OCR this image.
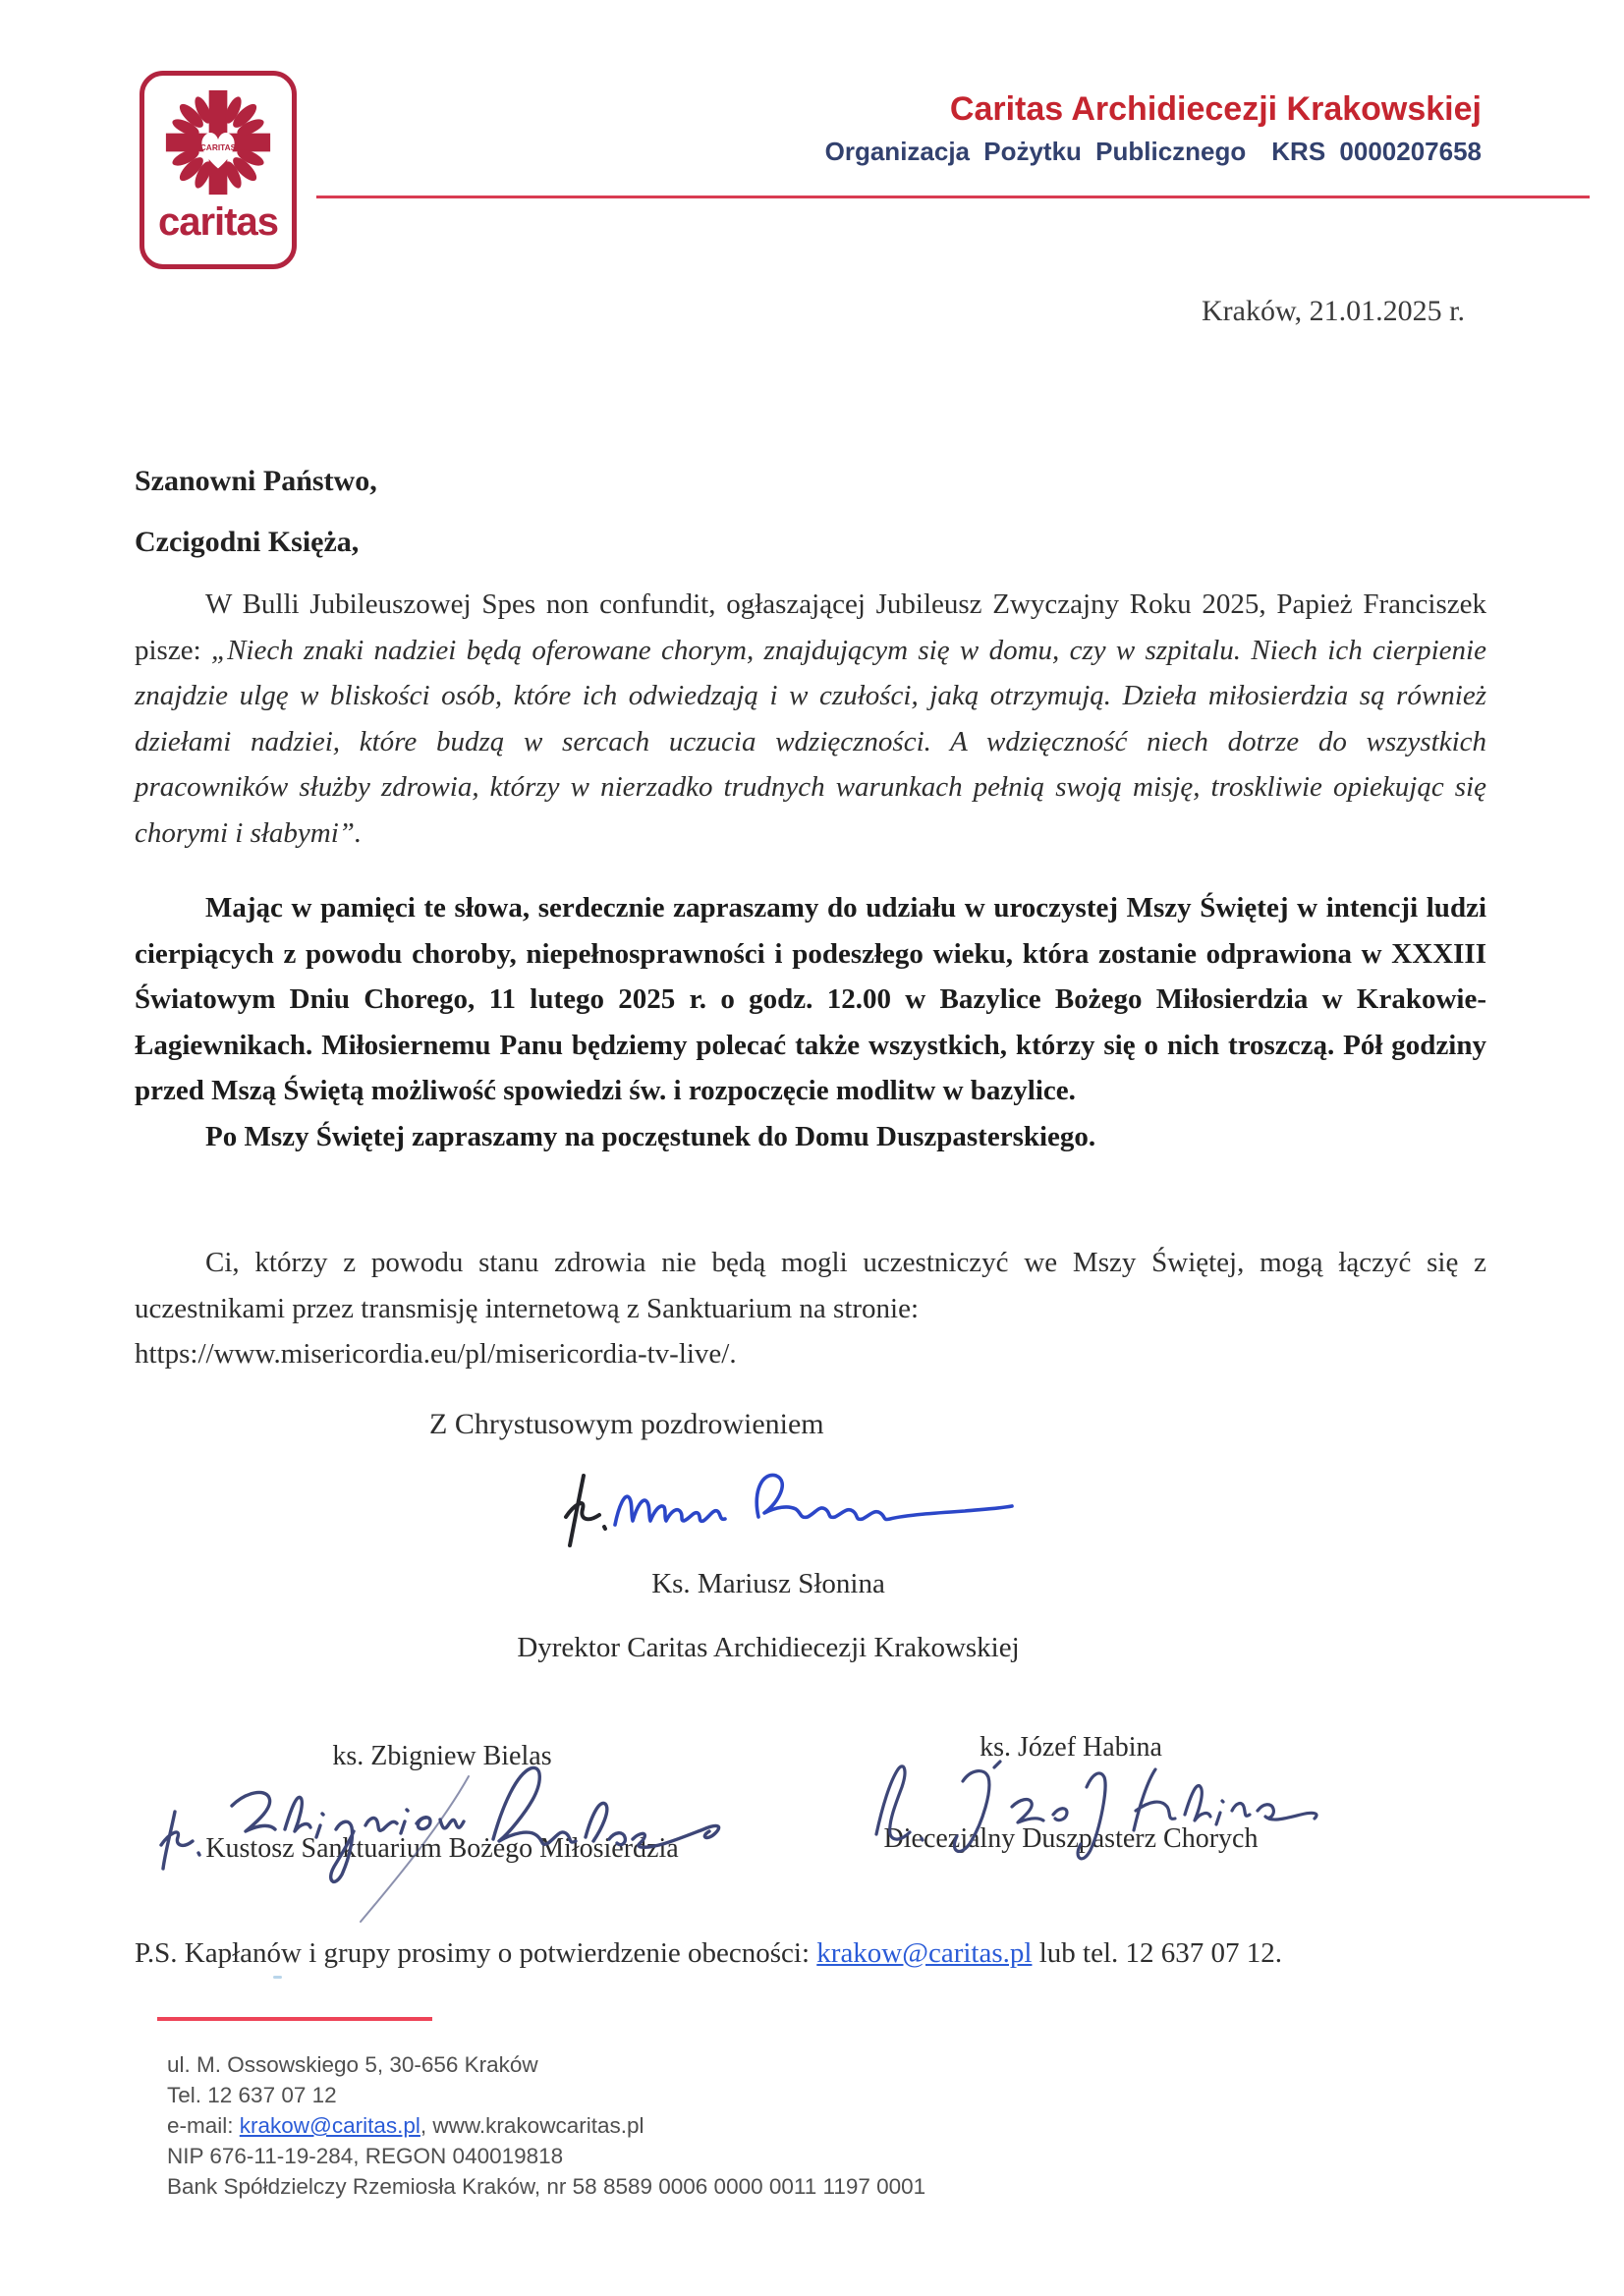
CARITAS
caritas
Caritas Archidiecezji Krakowskiej
Organizacja Pożytku Publicznego KRS 0000207658
Kraków, 21.01.2025 r.
Szanowni Państwo,
Czcigodni Księża,

W Bulli Jubileuszowej Spes non confundit, ogłaszającej Jubileusz Zwyczajny Roku 2025, Papież Franciszek pisze: „Niech znaki nadziei będą oferowane chorym, znajdującym się w domu, czy w szpitalu. Niech ich cierpienie znajdzie ulgę w bliskości osób, które ich odwiedzają i w czułości, jaką otrzymują. Dzieła miłosierdzia są również dziełami nadziei, które budzą w sercach uczucia wdzięczności. A wdzięczność niech dotrze do wszystkich pracowników służby zdrowia, którzy w nierzadko trudnych warunkach pełnią swoją misję, troskliwie opiekując się chorymi i słabymi”.

Mając w pamięci te słowa, serdecznie zapraszamy do udziału w uroczystej Mszy Świętej w intencji ludzi cierpiących z powodu choroby, niepełnosprawności i podeszłego wieku, która zostanie odprawiona w XXXIII Światowym Dniu Chorego, 11 lutego 2025 r. o godz. 12.00 w Bazylice Bożego Miłosierdzia w Krakowie-Łagiewnikach. Miłosiernemu Panu będziemy polecać także wszystkich, którzy się o nich troszczą. Pół godziny przed Mszą Świętą możliwość spowiedzi św. i rozpoczęcie modlitw w bazylice.

Po Mszy Świętej zapraszamy na poczęstunek do Domu Duszpasterskiego.

Ci, którzy z powodu stanu zdrowia nie będą mogli uczestniczyć we Mszy Świętej, mogą łączyć się z uczestnikami przez transmisję internetową z Sanktuarium na stronie:

https://www.misericordia.eu/pl/misericordia-tv-live/.

Z Chrystusowym pozdrowieniem
Ks. Mariusz Słonina
Dyrektor Caritas Archidiecezji Krakowskiej
ks. Zbigniew Bielas	ks. Józef Habina
Kustosz Sanktuarium Bożego Miłosierdzia	Diecezjalny Duszpasterz Chorych
P.S. Kapłanów i grupy prosimy o potwierdzenie obecności: krakow@caritas.pl lub tel. 12 637 07 12.

ul. M. Ossowskiego 5, 30-656 Kraków

Tel. 12 637 07 12

e-mail: krakow@caritas.pl, www.krakowcaritas.pl

NIP 676-11-19-284, REGON 040019818

Bank Spółdzielczy Rzemiosła Kraków, nr 58 8589 0006 0000 0011 1197 0001
